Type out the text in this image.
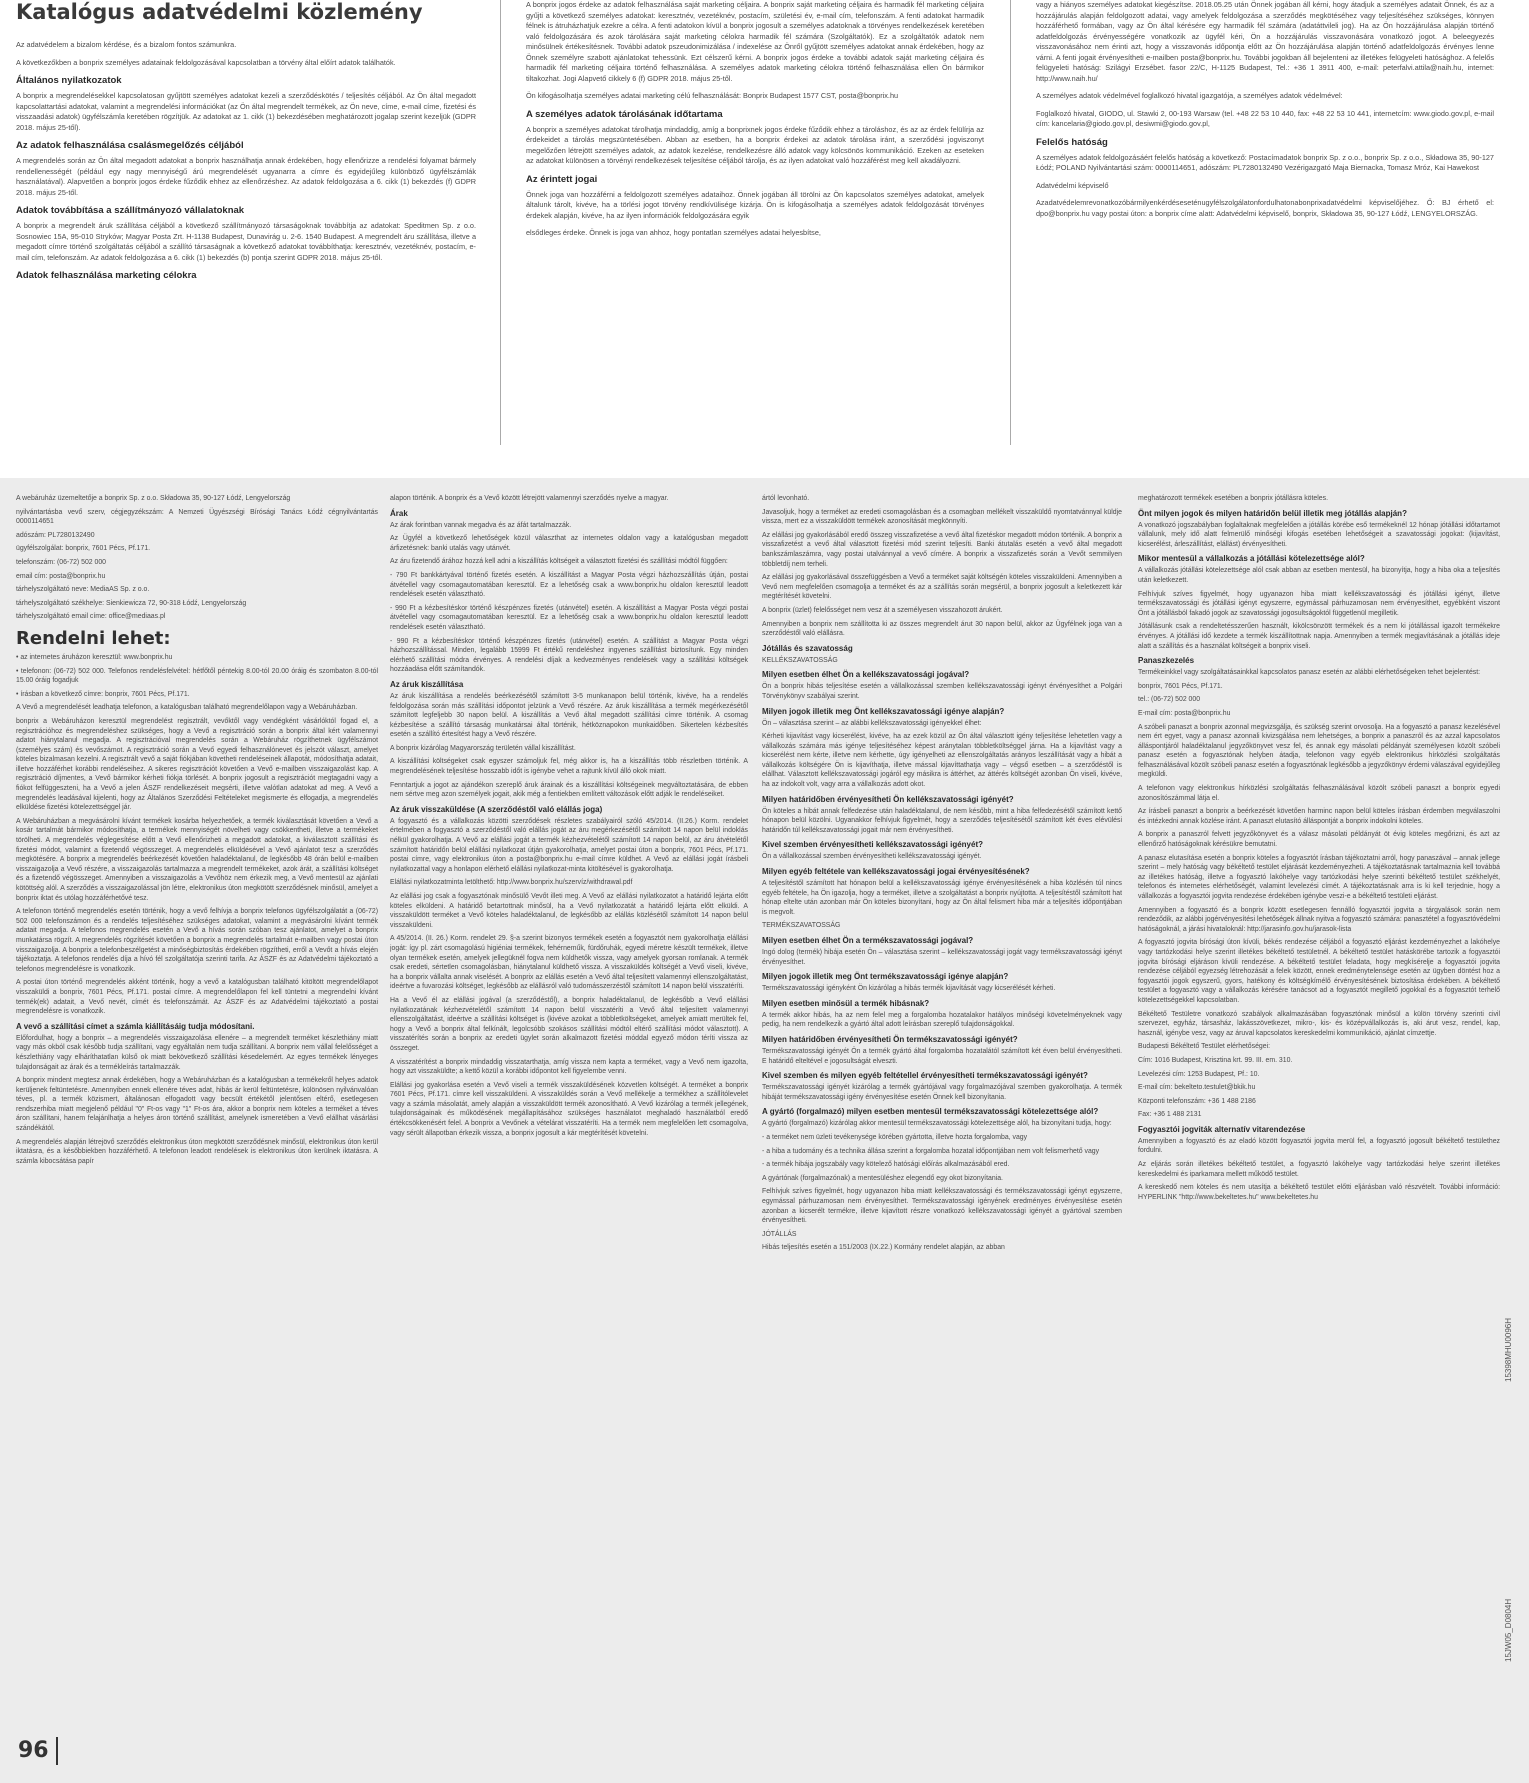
Katalógus adatvédelmi közlemény
Az adatvédelem a bizalom kérdése, és a bizalom fontos számunkra.
A következőkben a bonprix személyes adatainak feldolgozásával kapcsolatban a törvény által előírt adatok találhatók.
Általános nyilatkozatok
A bonprix a megrendelésekkel kapcsolatosan gyűjtött személyes adatokat kezeli a szerződéskötés / teljesítés céljából. Az Ön által megadott kapcsolattartási adatokat, valamint a megrendelési információkat (az Ön által megrendelt termékek, az Ön neve, címe, e-mail címe, fizetési és visszaadási adatok) ügyfélszámla keretében rögzítjük. Az adatokat az 1. cikk (1) bekezdésében meghatározott jogalap szerint kezeljük (GDPR 2018. május 25-től).
Az adatok felhasználása csalásmegelőzés céljából
A megrendelés során az Ön által megadott adatokat a bonprix használhatja annak érdekében, hogy ellenőrizze a rendelési folyamat bármely rendellenességét (például egy nagy mennyiségű árú megrendelését ugyanarra a címre és egyidejűleg különböző ügyfélszámlák használatával). Alapvetően a bonprix jogos érdeke fűződik ehhez az ellenőrzéshez. Az adatok feldolgozása a 6. cikk (1) bekezdés (f) GDPR 2018. május 25-től.
Adatok továbbítása a szállítmányozó vállalatoknak
A bonprix a megrendelt áruk szállítása céljából a következő szállítmányozó társaságoknak továbbítja az adatokat: Speditmen Sp. z o.o. Sosnowiec 15A, 95-010 Stryków; Magyar Posta Zrt. H-1138 Budapest, Dunavirág u. 2-6. 1540 Budapest. A megrendelt áru szállítása, illetve a megadott címre történő szolgáltatás céljából a szállító társaságnak a következő adatokat továbbíthatja: keresztnév, vezetéknév, postacím, e-mail cím, telefonszám. Az adatok feldolgozása a 6. cikk (1) bekezdés (b) pontja szerint GDPR 2018. május 25-től.
Adatok felhasználása marketing célokra
A bonprix jogos érdeke az adatok felhasználása saját marketing céljaira. A bonprix saját marketing céljaira és harmadik fél marketing céljaira gyűjti a következő személyes adatokat: keresztnév, vezetéknév, postacím, születési év, e-mail cím, telefonszám. A fenti adatokat harmadik félnek is átruházhatjuk ezekre a célra. A fenti adatokon kívül a bonprix jogosult a személyes adatoknak a törvényes rendelkezések keretében való feldolgozására és azok tárolására saját marketing célokra harmadik fél számára (Szolgáltatók). Ez a szolgáltatók adatok nem minősülnek értékesítésnek. További adatok pszeudonimizálása / indexelése az Önről gyűjtött személyes adatokat annak érdekében, hogy az Önnek személyre szabott ajánlatokat tehessünk. Ezt célszerű kérni. A bonprix jogos érdeke a további adatok saját marketing céljaira és harmadik fél marketing céljaira történő felhasználása. A személyes adatok marketing célokra történő felhasználása ellen Ön bármikor tiltakozhat. Jogi Alapvető cikkely 6 (f) GDPR 2018. május 25-től.
Ön kifogásolhatja személyes adatai marketing célú felhasználását: Bonprix Budapest 1577 CST, posta@bonprix.hu
A személyes adatok tárolásának időtartama
A bonprix a személyes adatokat tárolhatja mindaddig, amíg a bonprixnek jogos érdeke fűződik ehhez a tároláshoz, és az az érdek felülírja az érdekeidet a tárolás megszüntetésében. Abban az esetben, ha a bonprix érdekei az adatok tárolása iránt, a szerződési jogviszonyt megelőzően létrejött személyes adatok, az adatok kezelése, rendelkezésre álló adatok vagy kölcsönös kommunikáció. Ezeken az eseteken az adatokat különösen a törvényi rendelkezések teljesítése céljából tárolja, és az ilyen adatokat való hozzáférést meg kell akadályozni.
Az érintett jogai
Önnek joga van hozzáférni a feldolgozott személyes adataihoz. Önnek jogában áll törölni az Ön kapcsolatos személyes adatokat, amelyek általunk tárolt, kivéve, ha a törlési jogot törvény rendkívülisége kizárja. Ön is kifogásolhatja a személyes adatok feldolgozását törvényes érdekek alapján, kivéve, ha az ilyen információk feldolgozására egyik
elsődleges érdeke. Önnek is joga van ahhoz, hogy pontatlan személyes adatai helyesbítse,
vagy a hiányos személyes adatokat kiegészítse. 2018.05.25 után Önnek jogában áll kérni, hogy átadjuk a személyes adatait Önnek, és az a hozzájárulás alapján feldolgozott adatai, vagy amelyek feldolgozása a szerződés megkötéséhez vagy teljesítéséhez szükséges, könnyen hozzáférhető formában, vagy az Ön által kérésére egy harmadik fél számára (adatáttvileli jog). Ha az Ön hozzájárulása alapján történő adatfeldolgozás érvényességére vonatkozik az ügyfél kéri, Ön a hozzájárulás visszavonására vonatkozó jogot. A beleegyezés visszavonásához nem érinti azt, hogy a visszavonás időpontja előtt az Ön hozzájárulása alapján történő adatfeldolgozás érvényes lenne várni. A fenti jogait érvényesítheti e-mailben posta@bonprix.hu. További jogokban áll bejelenteni az illetékes felügyeleti hatósághoz. A felelős felügyeleti hatóság: Szilágyi Erzsébet. fasor 22/C, H-1125 Budapest, Tel.: +36 1 3911 400, e-mail: peterfalvi.attila@naih.hu, internet: http://www.naih.hu/
A személyes adatok védelmével foglalkozó hivatal igazgatója, a személyes adatok védelmével:
Foglalkozó hivatal, GIODO, ul. Stawki 2, 00-193 Warsaw (tel. +48 22 53 10 440, fax: +48 22 53 10 441, internetcím: www.giodo.gov.pl, e-mail cím: kancelaria@giodo.gov.pl, desiwmi@giodo.gov.pl,
Felelős hatóság
A személyes adatok feldolgozásáért felelős hatóság a következő: Postacímadatok bonprix Sp. z o.o., bonprix Sp. z o.o., Składowa 35, 90-127 Łódź; POLAND Nyilvántartási szám: 0000114651, adószám: PL7280132490 Vezérigazgató Maja Biernacka, Tomasz Mróz, Kai Hawekost
Adatvédelmi képviselő
Azadatvédelemrevonatkozóbármilyenkérdéseseténugyfélszolgálatonfordulhatonabonprixadatvédelmi képviselőjéhez. Ő: BJ érhető el: dpo@bonprix.hu vagy postai úton: a bonprix címe alatt: Adatvédelmi képviselő, bonprix, Składowa 35, 90-127 Łódź, LENGYELORSZÁG.
A webáruház üzemeltetője a bonprix Sp. z o.o. Składowa 35, 90-127 Łódź, Lengyelország
nyilvántartásba vevő szerv, cégjegyzékszám: A Nemzeti Ügyészségi Bírósági Tanács Łódź cégnyilvántartás 0000114651
adószám: PL7280132490
ügyfélszolgálat: bonprix, 7601 Pécs, Pf.171.
telefonszám: (06-72) 502 000
email cím: posta@bonprix.hu
tárhelyszolgáltató neve: MediaAS Sp. z o.o.
tárhelyszolgáltató székhelye: Sienkiewicza 72, 90-318 Łódź, Lengyelország
tárhelyszolgáltató email címe: office@mediaas.pl
Rendelni lehet:
• az internetes áruházon keresztül: www.bonprix.hu
• telefonon: (06-72) 502 000. Telefonos rendelésfelvétel: hétfőtől péntekig 8.00-tól 20.00 óráig és szombaton 8.00-tól 15.00 óráig fogadjuk
• írásban a következő címre: bonprix, 7601 Pécs, Pf.171.
A Vevő a megrendelését leadhatja telefonon, a katalógusban található megrendelőlapon vagy a Webáruházban.
bonprix a Webáruházon keresztül megrendelést regisztrált, vevőktől vagy vendégként vásárlóktól fogad el, a regisztrációhoz és megrendeléshez szükséges, hogy a Vevő a regisztráció során a bonprix által kért valamennyi adatot hiánytalanul megadja. A regisztrációval megrendelés során a Webáruház rögzíthetnek ügyfélszámot (személyes szám) és vevőszámot. A regisztráció során a Vevő egyedi felhasználónevet és jelszót választ, amelyet köteles bizalmasan kezelni. A regisztrált vevő a saját fiókjában követheti rendeléseinek állapotát, módosíthatja adatait, illetve hozzáférhet korábbi rendeléseihez. A sikeres regisztrációt követően a Vevő e-mailben visszaigazolást kap. A regisztráció díjmentes, a Vevő bármikor kérheti fiókja törlését. A bonprix jogosult a regisztrációt megtagadni vagy a fiókot felfüggeszteni, ha a Vevő a jelen ÁSZF rendelkezéseit megsérti, illetve valótlan adatokat ad meg. A Vevő a megrendelés leadásával kijelenti, hogy az Általános Szerződési Feltételeket megismerte és elfogadja, a megrendelés elküldése fizetési kötelezettséggel jár.
A Webáruházban a megvásárolni kívánt termékek kosárba helyezhetőek, a termék kiválasztását követően a Vevő a kosár tartalmát bármikor módosíthatja, a termékek mennyiségét növelheti vagy csökkentheti, illetve a termékeket törölheti. A megrendelés véglegesítése előtt a Vevő ellenőrizheti a megadott adatokat, a kiválasztott szállítási és fizetési módot, valamint a fizetendő végösszeget. A megrendelés elküldésével a Vevő ajánlatot tesz a szerződés megkötésére. A bonprix a megrendelés beérkezését követően haladéktalanul, de legkésőbb 48 órán belül e-mailben visszaigazolja a Vevő részére, a visszaigazolás tartalmazza a megrendelt termékeket, azok árát, a szállítási költséget és a fizetendő végösszeget. Amennyiben a visszaigazolás a Vevőhöz nem érkezik meg, a Vevő mentesül az ajánlati kötöttség alól. A szerződés a visszaigazolással jön létre, elektronikus úton megkötött szerződésnek minősül, amelyet a bonprix iktat és utólag hozzáférhetővé tesz.
A telefonon történő megrendelés esetén történik, hogy a vevő felhívja a bonprix telefonos ügyfélszolgálatát a (06-72) 502 000 telefonszámon és a rendelés teljesítéséhez szükséges adatokat, valamint a megvásárolni kívánt termék adatait megadja. A telefonos megrendelés esetén a Vevő a hívás során szóban tesz ajánlatot, amelyet a bonprix munkatársa rögzít. A megrendelés rögzítését követően a bonprix a megrendelés tartalmát e-mailben vagy postai úton visszaigazolja. A bonprix a telefonbeszélgetést a minőségbiztosítás érdekében rögzítheti, erről a Vevőt a hívás elején tájékoztatja. A telefonos rendelés díja a hívó fél szolgáltatója szerinti tarifa. Az ÁSZF és az Adatvédelmi tájékoztató a telefonos megrendelésre is vonatkozik.
A postai úton történő megrendelés akként történik, hogy a vevő a katalógusban található kitöltött megrendelőlapot visszaküldi a bonprix, 7601 Pécs, Pf.171. postai címre. A megrendelőlapon fel kell tüntetni a megrendelni kívánt termék(ek) adatait, a Vevő nevét, címét és telefonszámát. Az ÁSZF és az Adatvédelmi tájékoztató a postai megrendelésre is vonatkozik.
A vevő a szállítási címet a számla kiállításáig tudja módosítani.
Előfordulhat, hogy a bonprix – a megrendelés visszaigazolása ellenére – a megrendelt terméket készlethiány miatt vagy más okból csak később tudja szállítani, vagy egyáltalán nem tudja szállítani. A bonprix nem vállal felelősséget a készlethiány vagy elháríthatatlan külső ok miatt bekövetkező szállítási késedelemért. Az egyes termékek lényeges tulajdonságait az árak és a termékleírás tartalmazzák.
A bonprix mindent megtesz annak érdekében, hogy a Webáruházban és a katalógusban a termékekről helyes adatok kerüljenek feltüntetésre. Amennyiben ennek ellenére téves adat, hibás ár kerül feltüntetésre, különösen nyilvánvalóan téves, pl. a termék közismert, általánosan elfogadott vagy becsült értékétől jelentősen eltérő, esetlegesen rendszerhiba miatt megjelenő például "0" Ft-os vagy "1" Ft-os ára, akkor a bonprix nem köteles a terméket a téves áron szállítani, hanem felajánlhatja a helyes áron történő szállítást, amelynek ismeretében a Vevő elállhat vásárlási szándékától.
A megrendelés alapján létrejövő szerződés elektronikus úton megkötött szerződésnek minősül, elektronikus úton kerül iktatásra, és a későbbiekben hozzáférhető. A telefonon leadott rendelések is elektronikus úton kerülnek iktatásra. A számla kibocsátása papír
alapon történik. A bonprix és a Vevő között létrejött valamennyi szerződés nyelve a magyar.
Árak
Az árak forintban vannak megadva és az áfát tartalmazzák.
Az Ügyfél a következő lehetőségek közül választhat az internetes oldalon vagy a katalógusban megadott árfizetésnek: banki utalás vagy utánvét.
Az áru fizetendő árához hozzá kell adni a kiszállítás költségeit a választott fizetési és szállítási módtól függően:
- 790 Ft bankkártyával történő fizetés esetén. A kiszállítást a Magyar Posta végzi házhozszállítás útján, postai átvétellel vagy csomagautomatában keresztül. Ez a lehetőség csak a www.bonprix.hu oldalon keresztül leadott rendelések esetén választható.
- 990 Ft a kézbesítéskor történő készpénzes fizetés (utánvétel) esetén. A kiszállítást a Magyar Posta végzi postai átvétellel vagy csomagautomatában keresztül. Ez a lehetőség csak a www.bonprix.hu oldalon keresztül leadott rendelések esetén választható.
- 990 Ft a kézbesítéskor történő készpénzes fizetés (utánvétel) esetén. A szállítást a Magyar Posta végzi házhozszállítással. Minden, legalább 15999 Ft értékű rendeléshez ingyenes szállítást biztosítunk. Egy minden elérhető szállítási módra érvényes. A rendelési díjak a kedvezményes rendelések vagy a szállítási költségek hozzáadása előtt számítandók.
Az áruk kiszállítása
Az áruk kiszállítása a rendelés beérkezésétől számított 3-5 munkanapon belül történik, kivéve, ha a rendelés feldolgozása során más szállítási időpontot jelzünk a Vevő részére. Az áruk kiszállítása a termék megérkezésétől számított legfeljebb 30 napon belül. A kiszállítás a Vevő által megadott szállítási címre történik. A csomag kézbesítése a szállító társaság munkatársai által történik, hétköznapokon munkaidőben. Sikertelen kézbesítés esetén a szállító értesítést hagy a Vevő részére.
A bonprix kizárólag Magyarország területén vállal kiszállítást.
A kiszállítási költségeket csak egyszer számoljuk fel, még akkor is, ha a kiszállítás több részletben történik. A megrendelésének teljesítése hosszabb időt is igénybe vehet a rajtunk kívül álló okok miatt.
Fenntartjuk a jogot az ajándékon szereplő áruk árainak és a kiszállítási költségeinek megváltoztatására, de ebben nem sértve meg azon személyek jogait, akik még a fentiekben említett változások előtt adják le rendeléseiket.
Az áruk visszaküldése (A szerződéstől való elállás joga)
A fogyasztó és a vállalkozás közötti szerződések részletes szabályairól szóló 45/2014. (II.26.) Korm. rendelet értelmében a fogyasztó a szerződéstől való elállás jogát az áru megérkezésétől számított 14 napon belül indoklás nélkül gyakorolhatja. A Vevő az elállási jogát a termék kézhezvételétől számított 14 napon belül, az áru átvételétől számított határidőn belül elállási nyilatkozat útján gyakorolhatja, amelyet postai úton a bonprix, 7601 Pécs, Pf.171. postai címre, vagy elektronikus úton a posta@bonprix.hu e-mail címre küldhet. A Vevő az elállási jogát írásbeli nyilatkozattal vagy a honlapon elérhető elállási nyilatkozat-minta kitöltésével is gyakorolhatja.
Elállási nyilatkozatminta letölthető: http://www.bonprix.hu/szervíz/withdrawal.pdf
Az elállási jog csak a fogyasztónak minősülő Vevőt illeti meg. A Vevő az elállási nyilatkozatot a határidő lejárta előtt köteles elküldeni. A határidő betartottnak minősül, ha a Vevő nyilatkozatát a határidő lejárta előtt elküldi. A visszaküldött terméket a Vevő köteles haladéktalanul, de legkésőbb az elállás közlésétől számított 14 napon belül visszaküldeni.
A 45/2014. (II. 26.) Korm. rendelet 29. §-a szerint bizonyos termékek esetén a fogyasztót nem gyakorolhatja elállási jogát: így pl. zárt csomagolású higiéniai termékek, fehérneműk, fürdőruhák, egyedi méretre készült termékek, illetve olyan termékek esetén, amelyek jellegüknél fogva nem küldhetők vissza, vagy amelyek gyorsan romlanak. A termék csak eredeti, sértetlen csomagolásban, hiánytalanul küldhető vissza. A visszaküldés költségét a Vevő viseli, kivéve, ha a bonprix vállalta annak viselését. A bonprix az elállás esetén a Vevő által teljesített valamennyi ellenszolgáltatást, ideértve a fuvarozási költséget, legkésőbb az elállásról való tudomásszerzéstől számított 14 napon belül visszatéríti.
Ha a Vevő él az elállási jogával (a szerződéstől), a bonprix haladéktalanul, de legkésőbb a Vevő elállási nyilatkozatának kézhezvételétől számított 14 napon belül visszatéríti a Vevő által teljesített valamennyi ellenszolgáltatást, ideértve a szállítási költséget is (kivéve azokat a többletköltségeket, amelyek amiatt merültek fel, hogy a Vevő a bonprix által felkínált, legolcsóbb szokásos szállítási módtól eltérő szállítási módot választott). A visszatérítés során a bonprix az eredeti ügylet során alkalmazott fizetési móddal egyező módon téríti vissza az összeget.
A visszatérítést a bonprix mindaddig visszatarthatja, amíg vissza nem kapta a terméket, vagy a Vevő nem igazolta, hogy azt visszaküldte; a kettő közül a korábbi időpontot kell figyelembe venni.
Elállási jog gyakorlása esetén a Vevő viseli a termék visszaküldésének közvetlen költségét. A terméket a bonprix 7601 Pécs, Pf.171. címre kell visszaküldeni. A visszaküldés során a Vevő mellékelje a termékhez a szállítólevelet vagy a számla másolatát, amely alapján a visszaküldött termék azonosítható. A Vevő kizárólag a termék jellegének, tulajdonságainak és működésének megállapításához szükséges használatot meghaladó használatból eredő értékcsökkenésért felel. A bonprix a Vevőnek a vételárat visszatéríti. Ha a termék nem megfelelően lett csomagolva, vagy sérült állapotban érkezik vissza, a bonprix jogosult a kár megtérítését követelni.
ártól levonható.
Javasoljuk, hogy a terméket az eredeti csomagolásban és a csomagban mellékelt visszaküldő nyomtatvánnyal küldje vissza, mert ez a visszaküldött termékek azonosítását megkönnyíti.
Az elállási jog gyakorlásából eredő összeg visszafizetése a vevő által fizetéskor megadott módon történik. A bonprix a visszafizetést a vevő által választott fizetési mód szerint teljesíti. Banki átutalás esetén a vevő által megadott bankszámlaszámra, vagy postai utalvánnyal a vevő címére. A bonprix a visszafizetés során a Vevőt semmilyen többletdíj nem terheli.
Az elállási jog gyakorlásával összefüggésben a Vevő a terméket saját költségén köteles visszaküldeni. Amennyiben a Vevő nem megfelelően csomagolja a terméket és az a szállítás során megsérül, a bonprix jogosult a keletkezett kár megtérítését követelni.
A bonprix (üzlet) felelősséget nem vesz át a személyesen visszahozott árukért.
Amennyiben a bonprix nem szállította ki az összes megrendelt árut 30 napon belül, akkor az Ügyfélnek joga van a szerződéstől való elállásra.
Jótállás és szavatosság
KELLÉKSZAVATOSSÁG
Milyen esetben élhet Ön a kellékszavatossági jogával?
Ön a bonprix hibás teljesítése esetén a vállalkozással szemben kellékszavatossági igényt érvényesíthet a Polgári Törvénykönyv szabályai szerint.
Milyen jogok illetik meg Önt kellékszavatossági igénye alapján?
Ön – választása szerint – az alábbi kellékszavatossági igényekkel élhet:
Kérheti kijavítást vagy kicserélést, kivéve, ha az ezek közül az Ön által választott igény teljesítése lehetetlen vagy a vállalkozás számára más igénye teljesítéséhez képest aránytalan többletköltséggel járna. Ha a kijavítást vagy a kicserélést nem kérte, illetve nem kérhette, úgy igényelheti az ellenszolgáltatás arányos leszállítását vagy a hibát a vállalkozás költségére Ön is kijavíthatja, illetve mással kijavíttathatja vagy – végső esetben – a szerződéstől is elállhat. Választott kellékszavatossági jogáról egy másikra is áttérhet, az áttérés költségét azonban Ön viseli, kivéve, ha az indokolt volt, vagy arra a vállalkozás adott okot.
Milyen határidőben érvényesítheti Ön kellékszavatossági igényét?
Ön köteles a hibát annak felfedezése után haladéktalanul, de nem később, mint a hiba felfedezésétől számított kettő hónapon belül közölni. Ugyanakkor felhívjuk figyelmét, hogy a szerződés teljesítésétől számított két éves elévülési határidőn túl kellékszavatossági jogait már nem érvényesítheti.
Kivel szemben érvényesítheti kellékszavatossági igényét?
Ön a vállalkozással szemben érvényesítheti kellékszavatossági igényét.
Milyen egyéb feltétele van kellékszavatossági jogai érvényesítésének?
A teljesítéstől számított hat hónapon belül a kellékszavatossági igénye érvényesítésének a hiba közlésén túl nincs egyéb feltétele, ha Ön igazolja, hogy a terméket, illetve a szolgáltatást a bonprix nyújtotta. A teljesítéstől számított hat hónap eltelte után azonban már Ön köteles bizonyítani, hogy az Ön által felismert hiba már a teljesítés időpontjában is megvolt.
TERMÉKSZAVATOSSÁG
Milyen esetben élhet Ön a termékszavatossági jogával?
Ingó dolog (termék) hibája esetén Ön – választása szerint – kellékszavatossági jogát vagy termékszavatossági igényt érvényesíthet.
Milyen jogok illetik meg Önt termékszavatossági igénye alapján?
Termékszavatossági igényként Ön kizárólag a hibás termék kijavítását vagy kicserélését kérheti.
Milyen esetben minősül a termék hibásnak?
A termék akkor hibás, ha az nem felel meg a forgalomba hozatalakor hatályos minőségi követelményeknek vagy pedig, ha nem rendelkezik a gyártó által adott leírásban szereplő tulajdonságokkal.
Milyen határidőben érvényesítheti Ön termékszavatossági igényét?
Termékszavatossági igényét Ön a termék gyártó által forgalomba hozatalától számított két éven belül érvényesítheti. E határidő elteltével e jogosultságát elveszti.
Kivel szemben és milyen egyéb feltétellel érvényesítheti termékszavatossági igényét?
Termékszavatossági igényét kizárólag a termék gyártójával vagy forgalmazójával szemben gyakorolhatja. A termék hibáját termékszavatossági igény érvényesítése esetén Önnek kell bizonyítania.
A gyártó (forgalmazó) milyen esetben mentesül termékszavatossági kötelezettsége alól?
A gyártó (forgalmazó) kizárólag akkor mentesül termékszavatossági kötelezettsége alól, ha bizonyítani tudja, hogy:
- a terméket nem üzleti tevékenysége körében gyártotta, illetve hozta forgalomba, vagy
- a hiba a tudomány és a technika állása szerint a forgalomba hozatal időpontjában nem volt felismerhető vagy
- a termék hibája jogszabály vagy kötelező hatósági előírás alkalmazásából ered.
A gyártónak (forgalmazónak) a mentesüléshez elegendő egy okot bizonyítania.
Felhívjuk szíves figyelmét, hogy ugyanazon hiba miatt kellékszavatossági és termékszavatossági igényt egyszerre, egymással párhuzamosan nem érvényesíthet. Termékszavatossági igényének eredményes érvényesítése esetén azonban a kicserélt termékre, illetve kijavított részre vonatkozó kellékszavatossági igényét a gyártóval szemben érvényesítheti.
JÓTÁLLÁS
Hibás teljesítés esetén a 151/2003 (IX.22.) Kormány rendelet alapján, az abban
meghatározott termékek esetében a bonprix jótállásra köteles.
Önt milyen jogok és milyen határidőn belül illetik meg jótállás alapján?
A vonatkozó jogszabályban foglaltaknak megfelelően a jótállás körébe eső termékeknél 12 hónap jótállási időtartamot vállalunk, mely idő alatt felmerülő minőségi kifogás esetében lehetőségeit a szavatossági jogokat: (kijavítást, kicserélést, árleszállítást, elállást) érvényesítheti.
Mikor mentesül a vállalkozás a jótállási kötelezettsége alól?
A vállalkozás jótállási kötelezettsége alól csak abban az esetben mentesül, ha bizonyítja, hogy a hiba oka a teljesítés után keletkezett.
Felhívjuk szíves figyelmét, hogy ugyanazon hiba miatt kellékszavatossági és jótállási igényt, illetve termékszavatossági és jótállási igényt egyszerre, egymással párhuzamosan nem érvényesíthet, egyébként viszont Önt a jótállásból fakadó jogok az szavatossági jogosultságoktól függetlenül megilletik.
Jótállásunk csak a rendeltetésszerűen használt, kikölcsönzött termékek és a nem ki jótállással igazolt termékekre érvényes. A jótállási idő kezdete a termék kiszállítottnak napja. Amennyiben a termék megjavításának a jótállás ideje alatt a szállítás és a használat költségeit a bonprix viseli.
Panaszkezelés
Termékeinkkel vagy szolgáltatásainkkal kapcsolatos panasz esetén az alábbi elérhetőségeken tehet bejelentést:
bonprix, 7601 Pécs, Pf.171.
tel.: (06-72) 502 000
E-mail cím: posta@bonprix.hu
A szóbeli panaszt a bonprix azonnal megvizsgálja, és szükség szerint orvosolja. Ha a fogyasztó a panasz kezelésével nem ért egyet, vagy a panasz azonnali kivizsgálása nem lehetséges, a bonprix a panaszról és az azzal kapcsolatos álláspontjáról haladéktalanul jegyzőkönyvet vesz fel, és annak egy másolati példányát személyesen közölt szóbeli panasz esetén a fogyasztónak helyben átadja, telefonon vagy egyéb elektronikus hírközlési szolgáltatás felhasználásával közölt szóbeli panasz esetén a fogyasztónak legkésőbb a jegyzőkönyv érdemi válaszával egyidejűleg megküldi.
A telefonon vagy elektronikus hírközlési szolgáltatás felhasználásával közölt szóbeli panaszt a bonprix egyedi azonosítószámmal látja el.
Az írásbeli panaszt a bonprix a beérkezését követően harminc napon belül köteles írásban érdemben megválaszolni és intézkedni annak közlése iránt. A panaszt elutasító álláspontját a bonprix indokolni köteles.
A bonprix a panaszról felvett jegyzőkönyvet és a válasz másolati példányát öt évig köteles megőrizni, és azt az ellenőrző hatóságoknak kérésükre bemutatni.
A panasz elutasítása esetén a bonprix köteles a fogyasztót írásban tájékoztatni arról, hogy panaszával – annak jellege szerint – mely hatóság vagy békéltető testület eljárását kezdeményezheti. A tájékoztatásnak tartalmaznia kell továbbá az illetékes hatóság, illetve a fogyasztó lakóhelye vagy tartózkodási helye szerinti békéltető testület székhelyét, telefonos és internetes elérhetőségét, valamint levelezési címét. A tájékoztatásnak arra is ki kell terjednie, hogy a vállalkozás a fogyasztói jogvita rendezése érdekében igénybe veszi-e a békéltető testületi eljárást.
Amennyiben a fogyasztó és a bonprix között esetlegesen fennálló fogyasztói jogvita a tárgyalások során nem rendeződik, az alábbi jogérvényesítési lehetőségek állnak nyitva a fogyasztó számára: panasztétel a fogyasztóvédelmi hatóságoknál, a járási hivataloknál: http://jarasinfo.gov.hu/jarasok-lista
A fogyasztó jogvita bírósági úton kívüli, békés rendezése céljából a fogyasztó eljárást kezdeményezhet a lakóhelye vagy tartózkodási helye szerint illetékes békéltető testületnél. A békéltető testület hatáskörébe tartozik a fogyasztói jogvita bírósági eljáráson kívüli rendezése. A békéltető testület feladata, hogy megkísérelje a fogyasztói jogvita rendezése céljából egyezség létrehozását a felek között, ennek eredménytelensége esetén az ügyben döntést hoz a fogyasztói jogok egyszerű, gyors, hatékony és költségkímélő érvényesítésének biztosítása érdekében. A békéltető testület a fogyasztó vagy a vállalkozás kérésére tanácsot ad a fogyasztót megillető jogokkal és a fogyasztót terhelő kötelezettségekkel kapcsolatban.
Békéltető Testületre vonatkozó szabályok alkalmazásában fogyasztónak minősül a külön törvény szerinti civil szervezet, egyház, társasház, lakásszövetkezet, mikro-, kis- és középvállalkozás is, aki árut vesz, rendel, kap, használ, igénybe vesz, vagy az áruval kapcsolatos kereskedelmi kommunikáció, ajánlat címzettje.
Budapesti Békéltető Testület elérhetőségei:
Cím: 1016 Budapest, Krisztina krt. 99. III. em. 310.
Levelezési cím: 1253 Budapest, Pf.: 10.
E-mail cím: bekelteto.testulet@bkik.hu
Központi telefonszám: +36 1 488 2186
Fax: +36 1 488 2131
Fogyasztói jogviták alternatív vitarendezése
Amennyiben a fogyasztó és az eladó között fogyasztói jogvita merül fel, a fogyasztó jogosult békéltető testülethez fordulni.
Az eljárás során illetékes békéltető testület, a fogyasztó lakóhelye vagy tartózkodási helye szerint illetékes kereskedelmi és iparkamara mellett működő testület.
A kereskedő nem köteles és nem utasítja a békéltető testület előtti eljárásban való részvételt. További információ: HYPERLINK "http://www.bekeltetes.hu" www.bekeltetes.hu
96
15398MHU0096H
15JW05_D0804H
